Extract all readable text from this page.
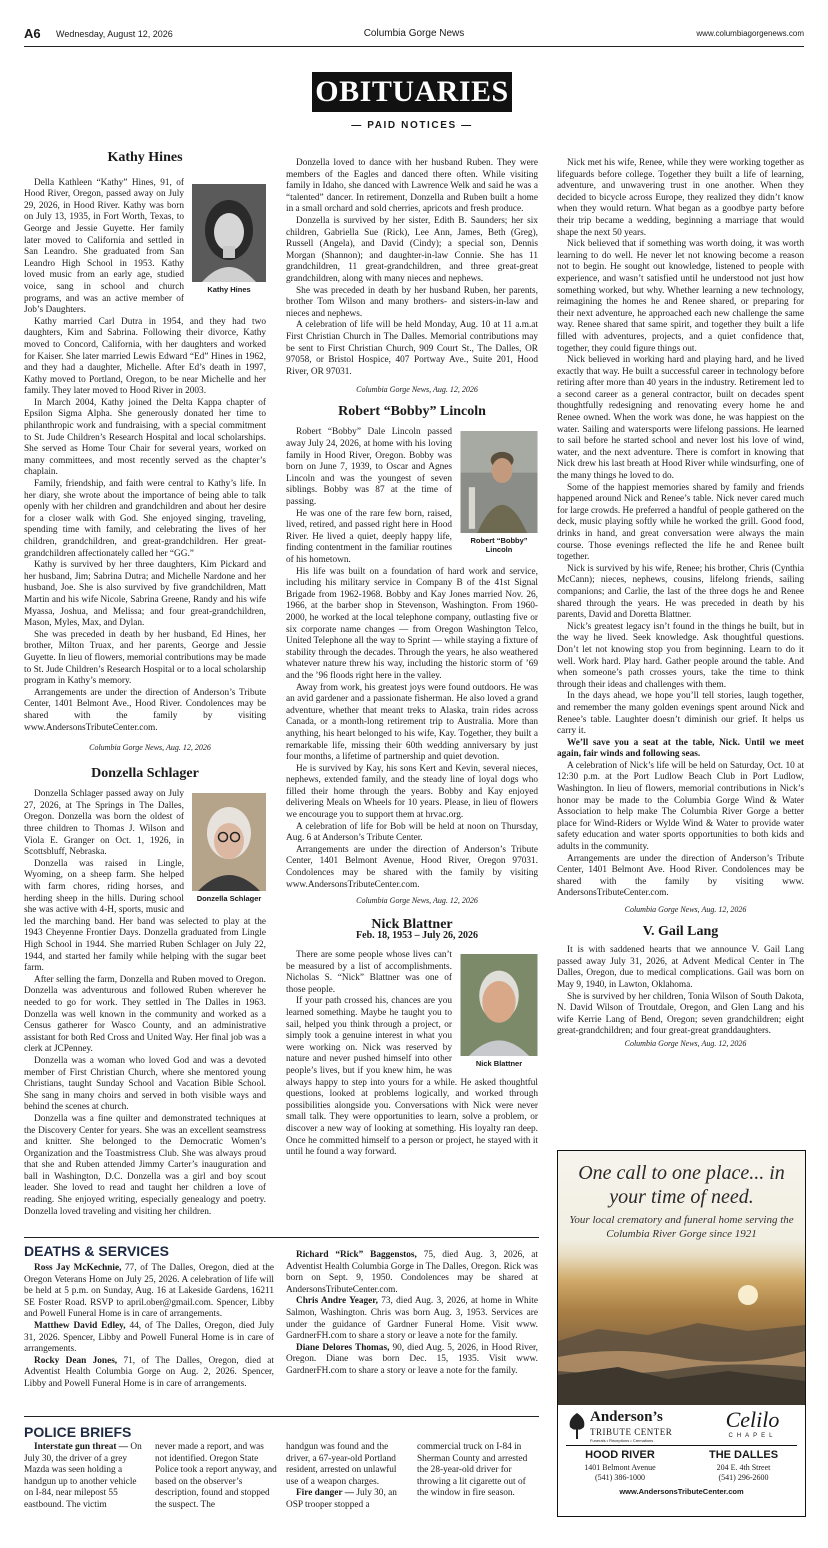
A6 Wednesday, August 12, 2026	Columbia Gorge News	www.columbiagorgenews.com
OBITUARIES
— PAID NOTICES —

Kathy Hines

Kathy Hines

Della Kathleen “Kathy” Hines, 91, of Hood River, Oregon, passed away on July 29, 2026, in Hood River. Kathy was born on July 13, 1935, in Fort Worth, Texas, to George and Jessie Guyette. Her family later moved to California and settled in San Leandro. She graduated from San Leandro High School in 1953. Kathy loved music from an early age, studied voice, sang in school and church programs, and was an active member of Job’s Daughters.

Kathy married Carl Dutra in 1954, and they had two daughters, Kim and Sabrina. Following their divorce, Kathy moved to Concord, California, with her daughters and worked for Kaiser. She later married Lewis Edward “Ed” Hines in 1962, and they had a daughter, Michelle. After Ed’s death in 1997, Kathy moved to Portland, Oregon, to be near Michelle and her family. They later moved to Hood River in 2003.

In March 2004, Kathy joined the Delta Kappa chapter of Epsilon Sigma Alpha. She generously donated her time to philanthropic work and fundraising, with a special commitment to St. Jude Children’s Research Hospital and local scholarships. She served as Home Tour Chair for several years, worked on many committees, and most recently served as the chapter’s chaplain.

Family, friendship, and faith were central to Kathy’s life. In her diary, she wrote about the importance of being able to talk openly with her children and grandchildren and about her desire for a closer walk with God. She enjoyed singing, traveling, spending time with family, and celebrating the lives of her children, grandchildren, and great-grandchildren. Her great-grandchildren affectionately called her “GG.”

Kathy is survived by her three daughters, Kim Pickard and her husband, Jim; Sabrina Dutra; and Michelle Nardone and her husband, Joe. She is also survived by five grandchildren, Matt Martin and his wife Nicole, Sabrina Greene, Randy and his wife Myassa, Joshua, and Melissa; and four great-grandchildren, Mason, Myles, Max, and Dylan.

She was preceded in death by her husband, Ed Hines, her brother, Milton Truax, and her parents, George and Jessie Guyette. In lieu of flowers, memorial contributions may be made to St. Jude Children’s Research Hospital or to a local scholarship program in Kathy’s memory.

Arrangements are under the direction of Anderson’s Tribute Center, 1401 Belmont Ave., Hood River. Condolences may be shared with the family by visiting www.AndersonsTributeCenter.com.

Columbia Gorge News, Aug. 12, 2026

Donzella Schlager

Donzella Schlager

Donzella Schlager passed away on July 27, 2026, at The Springs in The Dalles, Oregon. Donzella was born the oldest of three children to Thomas J. Wilson and Viola E. Granger on Oct. 1, 1926, in Scottsbluff, Nebraska.

Donzella was raised in Lingle, Wyoming, on a sheep farm. She helped with farm chores, riding horses, and herding sheep in the hills. During school she was active with 4-H, sports, music and led the marching band. Her band was selected to play at the 1943 Cheyenne Frontier Days. Donzella graduated from Lingle High School in 1944. She married Ruben Schlager on July 22, 1944, and started her family while helping with the sugar beet farm.

After selling the farm, Donzella and Ruben moved to Oregon. Donzella was adventurous and followed Ruben wherever he needed to go for work. They settled in The Dalles in 1963. Donzella was well known in the community and worked as a Census gatherer for Wasco County, and an administrative assistant for both Red Cross and United Way. Her final job was a clerk at JCPenney.

Donzella was a woman who loved God and was a devoted member of First Christian Church, where she mentored young Christians, taught Sunday School and Vacation Bible School. She sang in many choirs and served in both visible ways and behind the scenes at church.

Donzella was a fine quilter and demonstrated techniques at the Discovery Center for years. She was an excellent seamstress and knitter. She belonged to the Democratic Women’s Organization and the Toastmistress Club. She was always proud that she and Ruben attended Jimmy Carter’s inauguration and ball in Washington, D.C. Donzella was a girl and boy scout leader. She loved to read and taught her children a love of reading. She enjoyed writing, especially genealogy and poetry. Donzella loved traveling and visiting her children.

Donzella loved to dance with her husband Ruben. They were members of the Eagles and danced there often. While visiting family in Idaho, she danced with Lawrence Welk and said he was a “talented” dancer. In retirement, Donzella and Ruben built a home in a small orchard and sold cherries, apricots and fresh produce.

Donzella is survived by her sister, Edith B. Saunders; her six children, Gabriella Sue (Rick), Lee Ann, James, Beth (Greg), Russell (Angela), and David (Cindy); a special son, Dennis Morgan (Shannon); and daughter-in-law Connie. She has 11 grandchildren, 11 great-grandchildren, and three great-great grandchildren, along with many nieces and nephews.

She was preceded in death by her husband Ruben, her parents, brother Tom Wilson and many brothers- and sisters-in-law and nieces and nephews.

A celebration of life will be held Monday, Aug. 10 at 11 a.m.at First Christian Church in The Dalles. Memorial contributions may be sent to First Christian Church, 909 Court St., The Dalles, OR 97058, or Bristol Hospice, 407 Portway Ave., Suite 201, Hood River, OR 97031.

Columbia Gorge News, Aug. 12, 2026

Robert “Bobby” Lincoln

Robert “Bobby” Lincoln

Robert “Bobby” Dale Lincoln passed away July 24, 2026, at home with his loving family in Hood River, Oregon. Bobby was born on June 7, 1939, to Oscar and Agnes Lincoln and was the youngest of seven siblings. Bobby was 87 at the time of passing.

He was one of the rare few born, raised, lived, retired, and passed right here in Hood River. He lived a quiet, deeply happy life, finding contentment in the familiar routines of his hometown.

His life was built on a foundation of hard work and service, including his military service in Company B of the 41st Signal Brigade from 1962-1968. Bobby and Kay Jones married Nov. 26, 1966, at the barber shop in Stevenson, Washington. From 1960-2000, he worked at the local telephone company, outlasting five or six corporate name changes — from Oregon Washington Telco, United Telephone all the way to Sprint — while staying a fixture of stability through the decades. Through the years, he also weathered whatever nature threw his way, including the historic storm of ’69 and the ’96 floods right here in the valley.

Away from work, his greatest joys were found outdoors. He was an avid gardener and a passionate fisherman. He also loved a grand adventure, whether that meant treks to Alaska, train rides across Canada, or a month-long retirement trip to Australia. More than anything, his heart belonged to his wife, Kay. Together, they built a remarkable life, missing their 60th wedding anniversary by just four months, a lifetime of partnership and quiet devotion.

He is survived by Kay, his sons Kert and Kevin, several nieces, nephews, extended family, and the steady line of loyal dogs who filled their home through the years. Bobby and Kay enjoyed delivering Meals on Wheels for 10 years. Please, in lieu of flowers we encourage you to support them at hrvac.org.

A celebration of life for Bob will be held at noon on Thursday, Aug. 6 at Anderson’s Tribute Center.

Arrangements are under the direction of Anderson’s Tribute Center, 1401 Belmont Avenue, Hood River, Oregon 97031. Condolences may be shared with the family by visiting www.AndersonsTributeCenter.com.

Columbia Gorge News, Aug. 12, 2026

Nick Blattner

Feb. 18, 1953 – July 26, 2026

Nick Blattner

There are some people whose lives can’t be measured by a list of accomplishments. Nicholas S. “Nick” Blattner was one of those people.

If your path crossed his, chances are you learned something. Maybe he taught you to sail, helped you think through a project, or simply took a genuine interest in what you were working on. Nick was reserved by nature and never pushed himself into other people’s lives, but if you knew him, he was always happy to step into yours for a while. He asked thoughtful questions, looked at problems logically, and worked through possibilities alongside you. Conversations with Nick were never small talk. They were opportunities to learn, solve a problem, or discover a new way of looking at something. His loyalty ran deep. Once he committed himself to a person or project, he stayed with it until he found a way forward.

Nick met his wife, Renee, while they were working together as lifeguards before college. Together they built a life of learning, adventure, and unwavering trust in one another. When they decided to bicycle across Europe, they realized they didn’t know when they would return. What began as a goodbye party before their trip became a wedding, beginning a marriage that would shape the next 50 years.

Nick believed that if something was worth doing, it was worth learning to do well. He never let not knowing become a reason not to begin. He sought out knowledge, listened to people with experience, and wasn’t satisfied until he understood not just how something worked, but why. Whether learning a new technology, reimagining the homes he and Renee shared, or preparing for their next adventure, he approached each new challenge the same way. Renee shared that same spirit, and together they built a life filled with adventures, projects, and a quiet confidence that, together, they could figure things out.

Nick believed in working hard and playing hard, and he lived exactly that way. He built a successful career in technology before retiring after more than 40 years in the industry. Retirement led to a second career as a general contractor, built on decades spent thoughtfully redesigning and renovating every home he and Renee owned. When the work was done, he was happiest on the water. Sailing and watersports were lifelong passions. He learned to sail before he started school and never lost his love of wind, water, and the next adventure. There is comfort in knowing that Nick drew his last breath at Hood River while windsurfing, one of the many things he loved to do.

Some of the happiest memories shared by family and friends happened around Nick and Renee’s table. Nick never cared much for large crowds. He preferred a handful of people gathered on the deck, music playing softly while he worked the grill. Good food, drinks in hand, and great conversation were always the main course. Those evenings reflected the life he and Renee built together.

Nick is survived by his wife, Renee; his brother, Chris (Cynthia McCann); nieces, nephews, cousins, lifelong friends, sailing companions; and Carlie, the last of the three dogs he and Renee shared through the years. He was preceded in death by his parents, David and Doretta Blattner.

Nick’s greatest legacy isn’t found in the things he built, but in the way he lived. Seek knowledge. Ask thoughtful questions. Don’t let not knowing stop you from beginning. Learn to do it well. Work hard. Play hard. Gather people around the table. And when someone’s path crosses yours, take the time to think through their ideas and challenges with them.

In the days ahead, we hope you’ll tell stories, laugh together, and remember the many golden evenings spent around Nick and Renee’s table. Laughter doesn’t diminish our grief. It helps us carry it.

We’ll save you a seat at the table, Nick. Until we meet again, fair winds and following seas.

A celebration of Nick’s life will be held on Saturday, Oct. 10 at 12:30 p.m. at the Port Ludlow Beach Club in Port Ludlow, Washington. In lieu of flowers, memorial contributions in Nick’s honor may be made to the Columbia Gorge Wind & Water Association to help make The Columbia River Gorge a better place for Wind-Riders or Wylde Wind & Water to provide water safety education and water sports opportunities to both kids and adults in the community.

Arrangements are under the direction of Anderson’s Tribute Center, 1401 Belmont Ave. Hood River. Condolences may be shared with the family by visiting www. AndersonsTributeCenter.com.

Columbia Gorge News, Aug. 12, 2026

V. Gail Lang

It is with saddened hearts that we announce V. Gail Lang passed away July 31, 2026, at Advent Medical Center in The Dalles, Oregon, due to medical complications. Gail was born on May 9, 1940, in Lawton, Oklahoma.

She is survived by her children, Tonia Wilson of South Dakota, N. David Wilson of Troutdale, Oregon, and Glen Lang and his wife Kerrie Lang of Bend, Oregon; seven grandchildren; eight great-grandchildren; and four great-great granddaughters.

Columbia Gorge News, Aug. 12, 2026

One call to one place... in your time of need.
Your local crematory and funeral home serving the Columbia River Gorge since 1921
Anderson’s
TRIBUTE CENTER
Funerals • Receptions • Cremations
Celilo
CHAPEL
HOOD RIVER
1401 Belmont Avenue
(541) 386-1000
THE DALLES
204 E. 4th Street
(541) 296-2600
www.AndersonsTributeCenter.com
DEATHS & SERVICES

Ross Jay McKechnie, 77, of The Dalles, Oregon, died at the Oregon Veterans Home on July 25, 2026. A celebration of life will be held at 5 p.m. on Sunday, Aug. 16 at Lakeside Gardens, 16211 SE Foster Road. RSVP to april.ober@gmail.com. Spencer, Libby and Powell Funeral Home is in care of arrangements.

Matthew David Edley, 44, of The Dalles, Oregon, died July 31, 2026. Spencer, Libby and Powell Funeral Home is in care of arrangements.

Rocky Dean Jones, 71, of The Dalles, Oregon, died at Adventist Health Columbia Gorge on Aug. 2, 2026. Spencer, Libby and Powell Funeral Home is in care of arrangements.

Richard “Rick” Baggenstos, 75, died Aug. 3, 2026, at Adventist Health Columbia Gorge in The Dalles, Oregon. Rick was born on Sept. 9, 1950. Condolences may be shared at AndersonsTributeCenter.com.

Chris Andre Yeager, 73, died Aug. 3, 2026, at home in White Salmon, Washington. Chris was born Aug. 3, 1953. Services are under the guidance of Gardner Funeral Home. Visit www. GardnerFH.com to share a story or leave a note for the family.

Diane Delores Thomas, 90, died Aug. 5, 2026, in Hood River, Oregon. Diane was born Dec. 15, 1935. Visit www. GardnerFH.com to share a story or leave a note for the family.

POLICE BRIEFS

Interstate gun threat — On July 30, the driver of a grey Mazda was seen holding a handgun up to another vehicle on I-84, near milepost 55 eastbound. The victim

never made a report, and was not identified. Oregon State Police took a report anyway, and based on the observer’s description, found and stopped the suspect. The

handgun was found and the driver, a 67-year-old Portland resident, arrested on unlawful use of a weapon charges.

Fire danger — July 30, an OSP trooper stopped a

commercial truck on I-84 in Sherman County and arrested the 28-year-old driver for throwing a lit cigarette out of the window in fire season.
